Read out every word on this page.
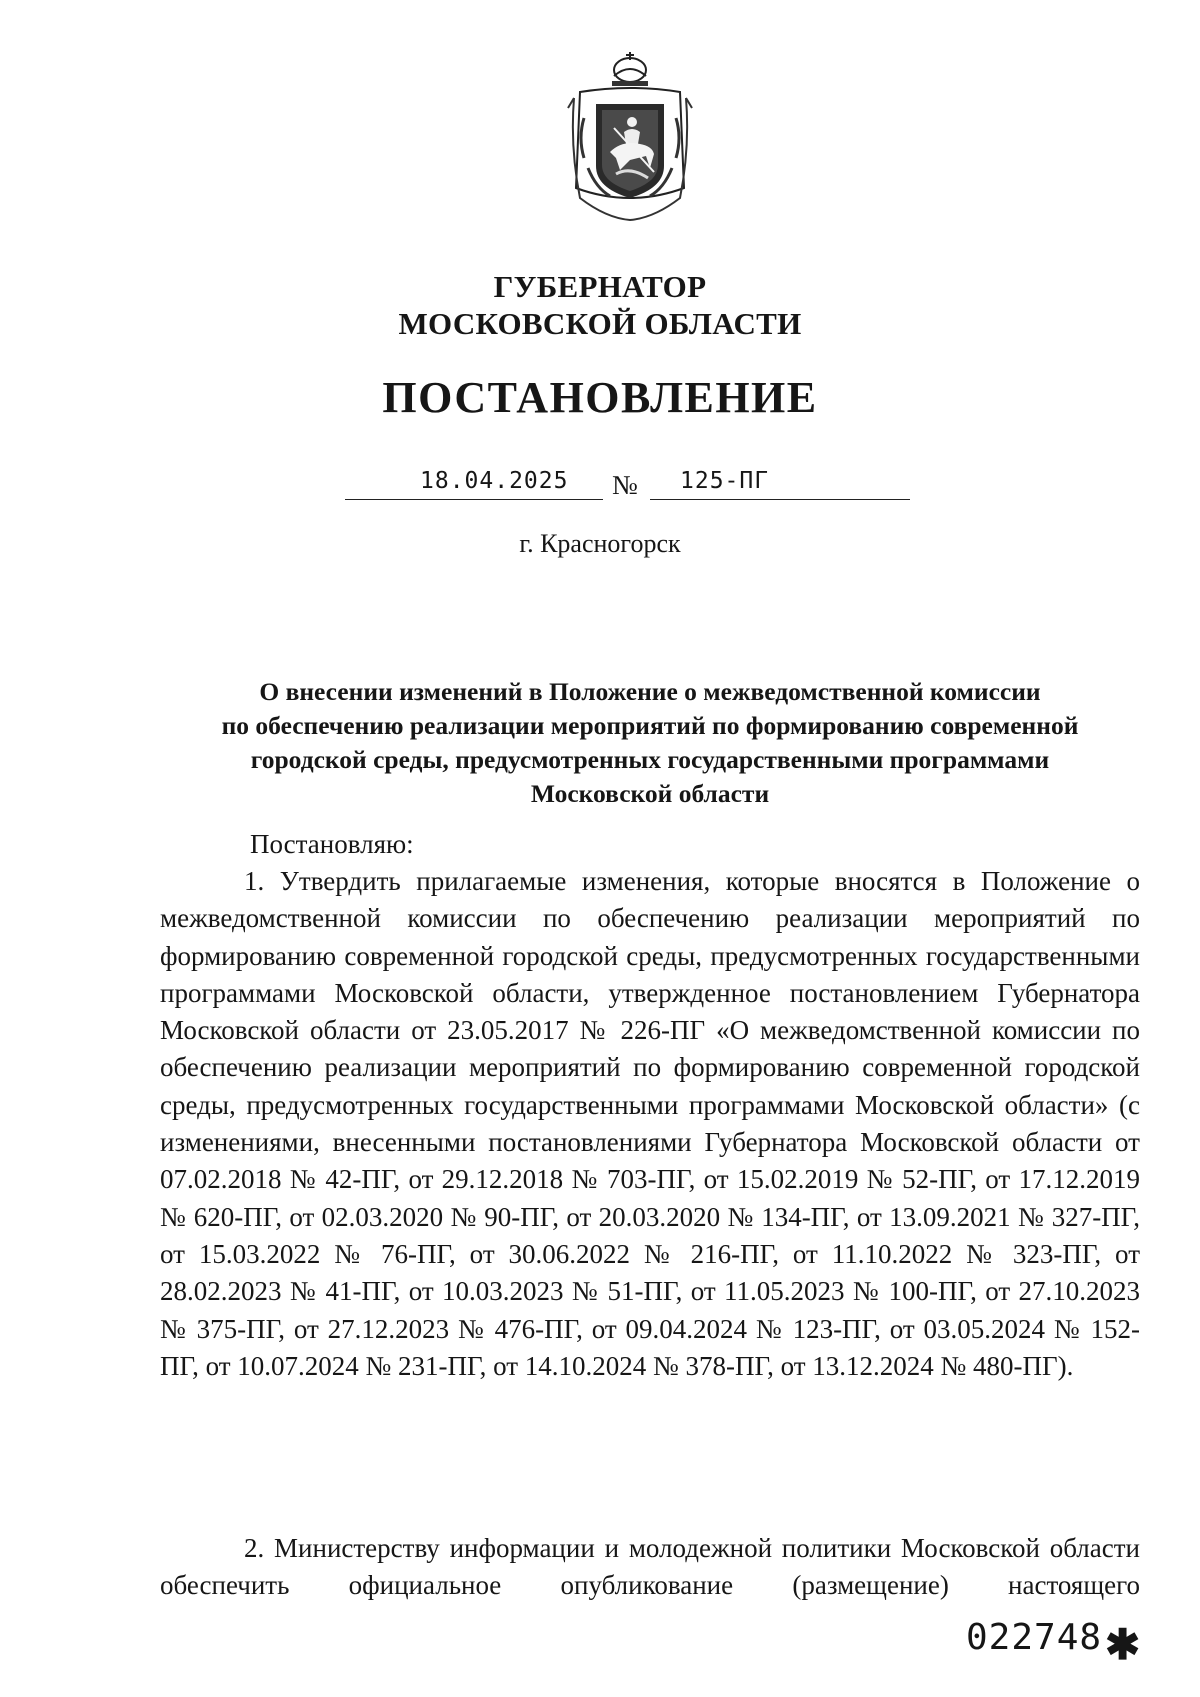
ГУБЕРНАТОР
МОСКОВСКОЙ ОБЛАСТИ
ПОСТАНОВЛЕНИЕ
18.04.2025 № 125-ПГ
г. Красногорск
О внесении изменений в Положение о межведомственной комиссии
по обеспечению реализации мероприятий по формированию современной
городской среды, предусмотренных государственными программами
Московской области
Постановляю:

1. Утвердить прилагаемые изменения, которые вносятся в Положение о межведомственной комиссии по обеспечению реализации мероприятий по формированию современной городской среды, предусмотренных государственными программами Московской области, утвержденное постановлением Губернатора Московской области от 23.05.2017 № 226-ПГ «О межведомственной комиссии по обеспечению реализации мероприятий по формированию современной городской среды, предусмотренных государственными программами Московской области» (с изменениями, внесенными постановлениями Губернатора Московской области от 07.02.2018 № 42-ПГ, от 29.12.2018 № 703-ПГ, от 15.02.2019 № 52-ПГ, от 17.12.2019 № 620-ПГ, от 02.03.2020 № 90-ПГ, от 20.03.2020 № 134-ПГ, от 13.09.2021 № 327-ПГ, от 15.03.2022 № 76-ПГ, от 30.06.2022 № 216-ПГ, от 11.10.2022 № 323-ПГ, от 28.02.2023 № 41-ПГ, от 10.03.2023 № 51-ПГ, от 11.05.2023 № 100-ПГ, от 27.10.2023 № 375-ПГ, от 27.12.2023 № 476-ПГ, от 09.04.2024 № 123-ПГ, от 03.05.2024 № 152-ПГ, от 10.07.2024 № 231-ПГ, от 14.10.2024 № 378-ПГ, от 13.12.2024 № 480-ПГ).

2. Министерству информации и молодежной политики Московской области обеспечить официальное опубликование (размещение) настоящего

022748 ✱
